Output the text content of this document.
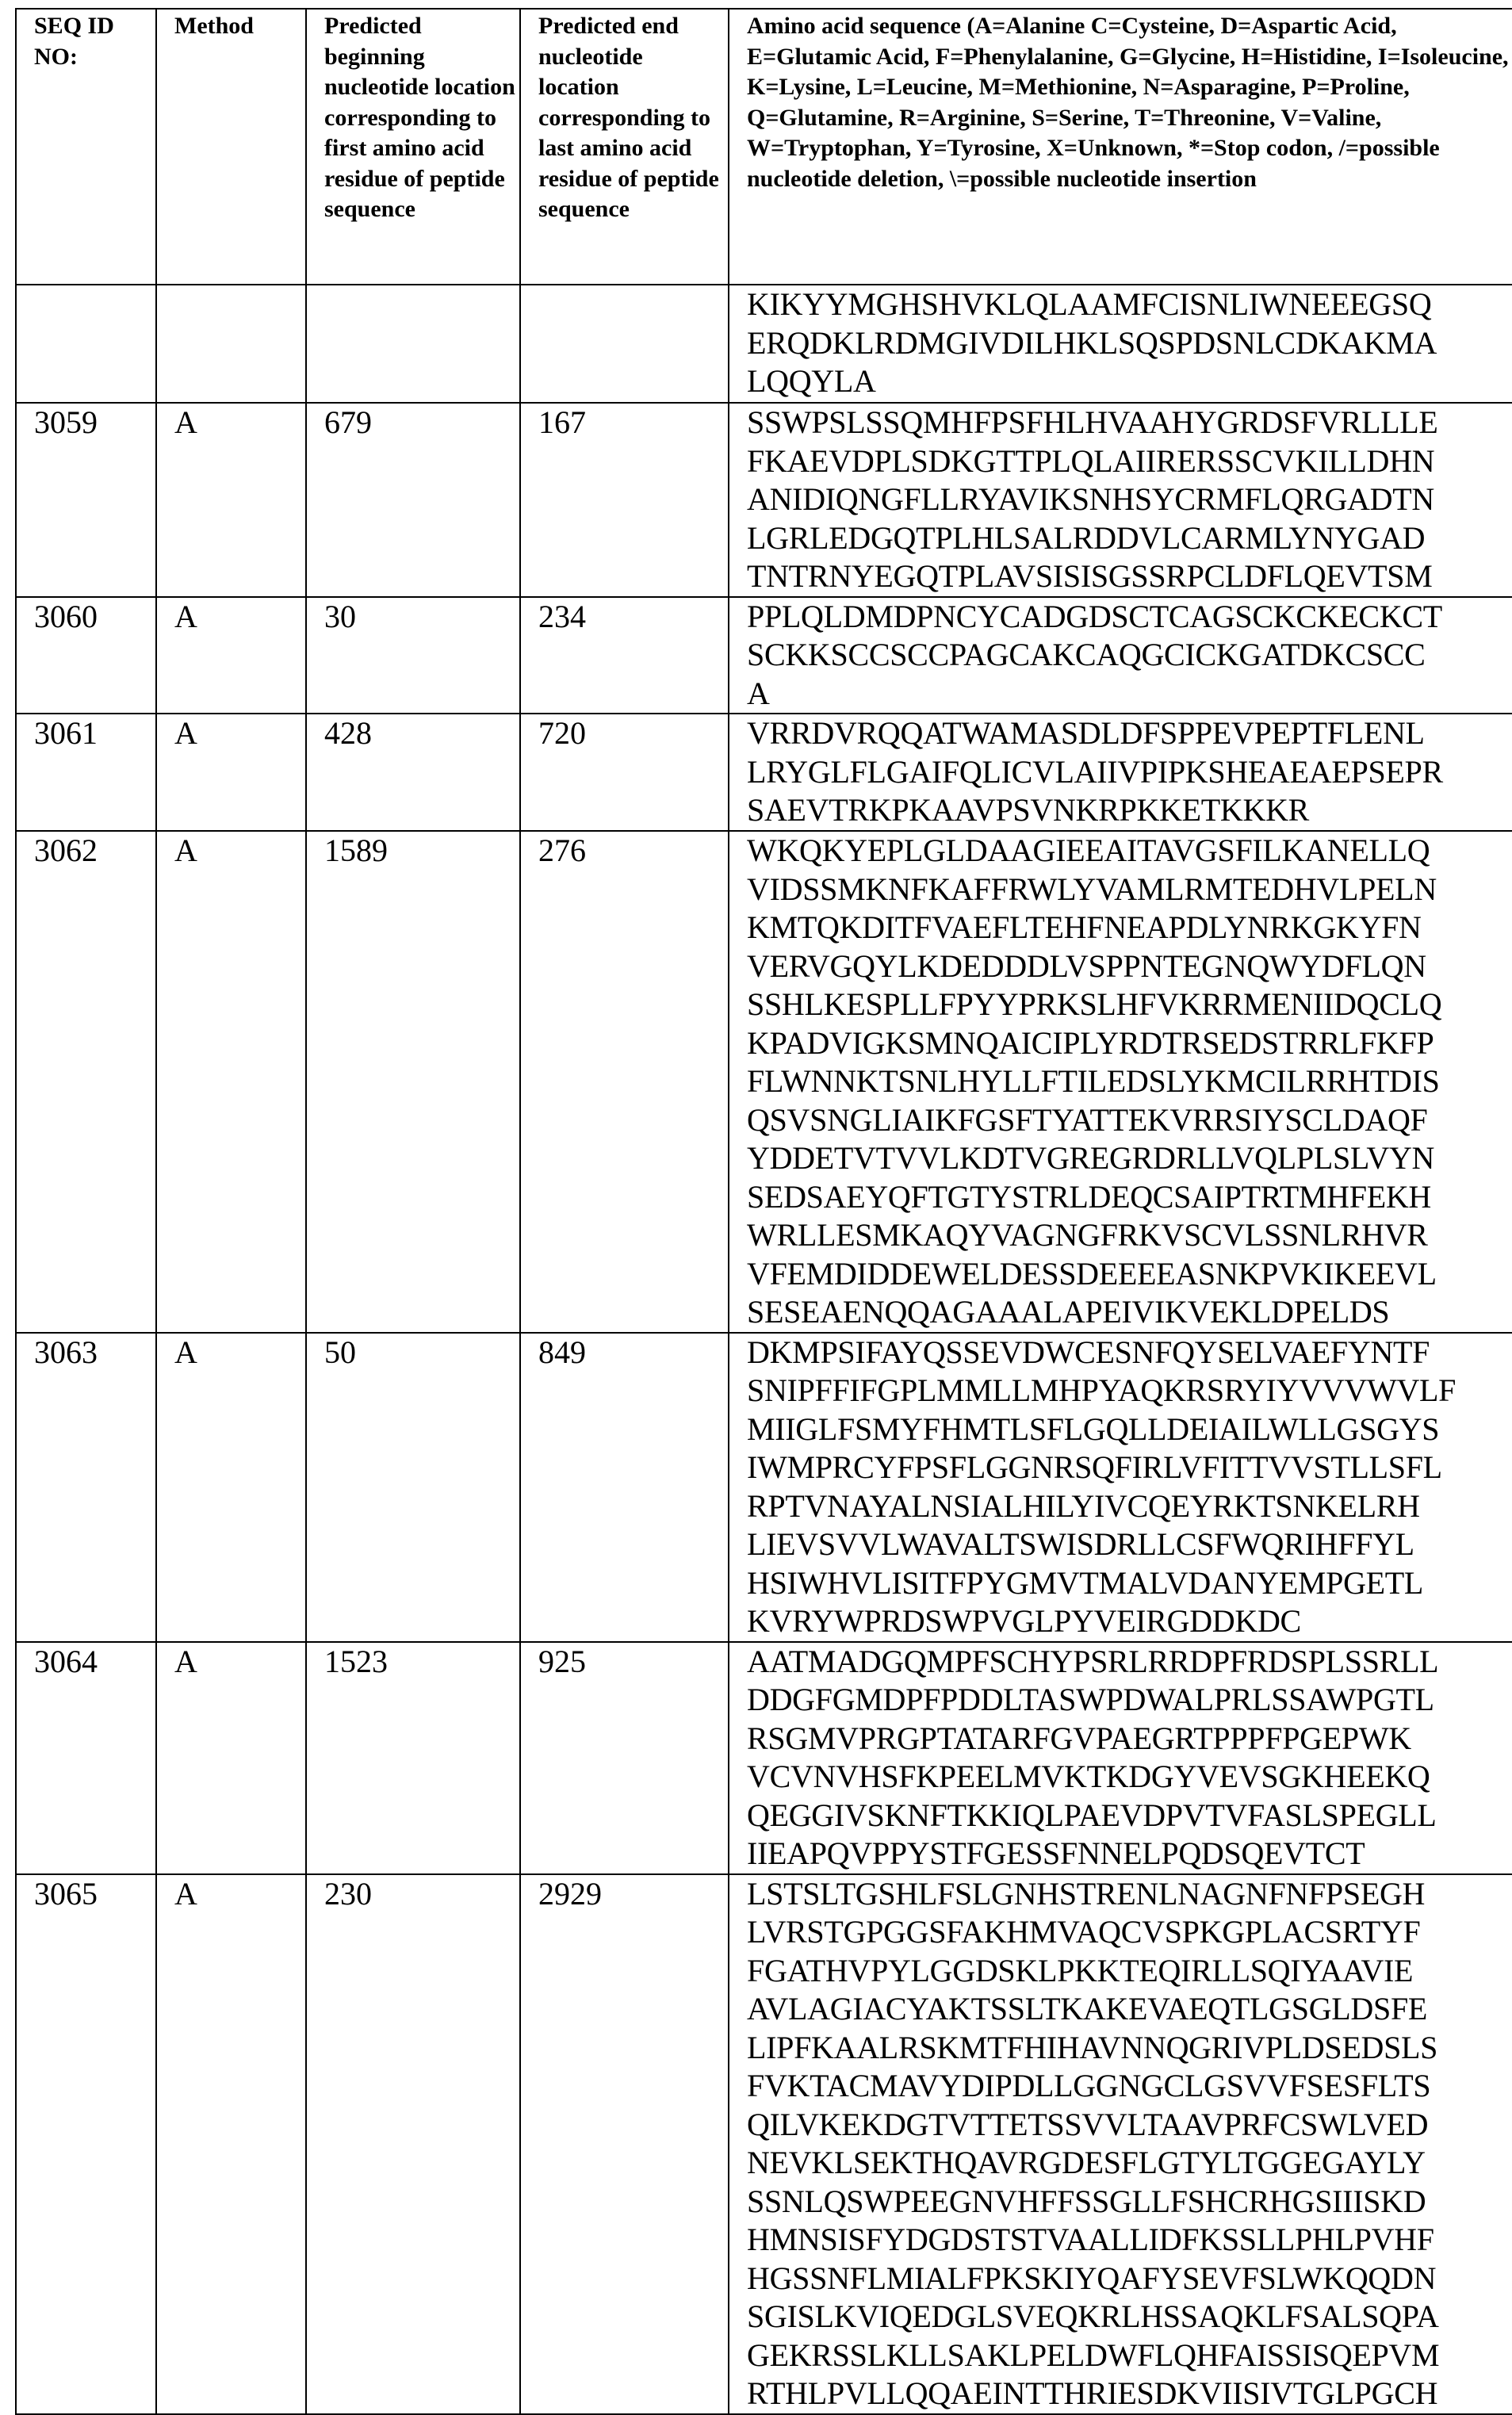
SEQ ID NO:	Method	Predicted beginning nucleotide location corresponding to first amino acid residue of peptide sequence	Predicted end nucleotide location corresponding to last amino acid residue of peptide sequence	Amino acid sequence (A=Alanine C=Cysteine, D=Aspartic Acid, E=Glutamic Acid, F=Phenylalanine, G=Glycine, H=Histidine, I=Isoleucine, K=Lysine, L=Leucine, M=Methionine, N=Asparagine, P=Proline, Q=Glutamine, R=Arginine, S=Serine, T=Threonine, V=Valine, W=Tryptophan, Y=Tyrosine, X=Unknown, *=Stop codon, /=possible nucleotide deletion, \=possible nucleotide insertion

KIKYYMGHSHVKLQLAAMFCISNLIWNEEEGSQ
ERQDKLRDMGIVDILHKLSQSPDSNLCDKAKMA
LQQYLA

3059	A	679	167	SSWPSLSSQMHFPSFHLHVAAHYGRDSFVRLLLE
FKAEVDPLSDKGTTPLQLAIIRERSSCVKILLDHN
ANIDIQNGFLLRYAVIKSNHSYCRMFLQRGADTN
LGRLEDGQTPLHLSALRDDVLCARMLYNYGAD
TNTRNYEGQTPLAVSISISGSSRPCLDFLQEVTSM

3060	A	30	234	PPLQLDMDPNCYCADGDSCTCAGSCKCKECKCT
SCKKSCCSCCPAGCAKCAQGCICKGATDKCSCC
A

3061	A	428	720	VRRDVRQQATWAMASDLDFSPPEVPEPTFLENL
LRYGLFLGAIFQLICVLAIIVPIPKSHEAEAEPSEPR
SAEVTRKPKAAVPSVNKRPKKETKKKR

3062	A	1589	276	WKQKYEPLGLDAAGIEEAITAVGSFILKANELLQ
VIDSSMKNFKAFFRWLYVAMLRMTEDHVLPELN
KMTQKDITFVAEFLTEHFNEAPDLYNRKGKYFN
VERVGQYLKDEDDDLVSPPNTEGNQWYDFLQN
SSHLKESPLLFPYYPRKSLHFVKRRMENIIDQCLQ
KPADVIGKSMNQAICIPLYRDTRSEDSTRRLFKFP
FLWNNKTSNLHYLLFTILEDSLYKMCILRRHTDIS
QSVSNGLIAIKFGSFTYATTEKVRRSIYSCLDAQF
YDDETVTVVLKDTVGREGRDRLLVQLPLSLVYN
SEDSAEYQFTGTYSTRLDEQCSAIPTRTMHFEKH
WRLLESMKAQYVAGNGFRKVSCVLSSNLRHVR
VFEMDIDDEWELDESSDEEEEASNKPVKIKEEVL
SESEAENQQAGAAALAPEIVIKVEKLDPELDS

3063	A	50	849	DKMPSIFAYQSSEVDWCESNFQYSELVAEFYNTF
SNIPFFIFGPLMMLLMHPYAQKRSRYIYVVVWVLF
MIIGLFSMYFHMTLSFLGQLLDEIAILWLLGSGYS
IWMPRCYFPSFLGGNRSQFIRLVFITTVVSTLLSFL
RPTVNAYALNSIALHILYIVCQEYRKTSNKELRH
LIEVSVVLWAVALTSWISDRLLCSFWQRIHFFYL
HSIWHVLISITFPYGMVTMALVDANYEMPGETL
KVRYWPRDSWPVGLPYVEIRGDDKDC

3064	A	1523	925	AATMADGQMPFSCHYPSRLRRDPFRDSPLSSRLL
DDGFGMDPFPDDLTASWPDWALPRLSSAWPGTL
RSGMVPRGPTATARFGVPAEGRTPPPFPGEPWK
VCVNVHSFKPEELMVKTKDGYVEVSGKHEEKQ
QEGGIVSKNFTKKIQLPAEVDPVTVFASLSPEGLL
IIEAPQVPPYSTFGESSFNNELPQDSQEVTCT

3065	A	230	2929	LSTSLTGSHLFSLGNHSTRENLNAGNFNFPSEGH
LVRSTGPGGSFAKHMVAQCVSPKGPLACSRTYF
FGATHVPYLGGDSKLPKKTEQIRLLSQIYAAVIE
AVLAGIACYAKTSSLTKAKEVAEQTLGSGLDSFE
LIPFKAALRSKMTFHIHAVNNQGRIVPLDSEDSLS
FVKTACMAVYDIPDLLGGNGCLGSVVFSESFLTS
QILVKEKDGTVTTETSSVVLTAAVPRFCSWLVED
NEVKLSEKTHQAVRGDESFLGTYLTGGEGAYLY
SSNLQSWPEEGNVHFFSSGLLFSHCRHGSIIISKD
HMNSISFYDGDSTSTVAALLIDFKSSLLPHLPVHF
HGSSNFLMIALFPKSKIYQAFYSEVFSLWKQQDN
SGISLKVIQEDGLSVEQKRLHSSAQKLFSALSQPA
GEKRSSLKLLSAKLPELDWFLQHFAISSISQEPVM
RTHLPVLLQQAEINTTHRIESDKVIISIVTGLPGCH
